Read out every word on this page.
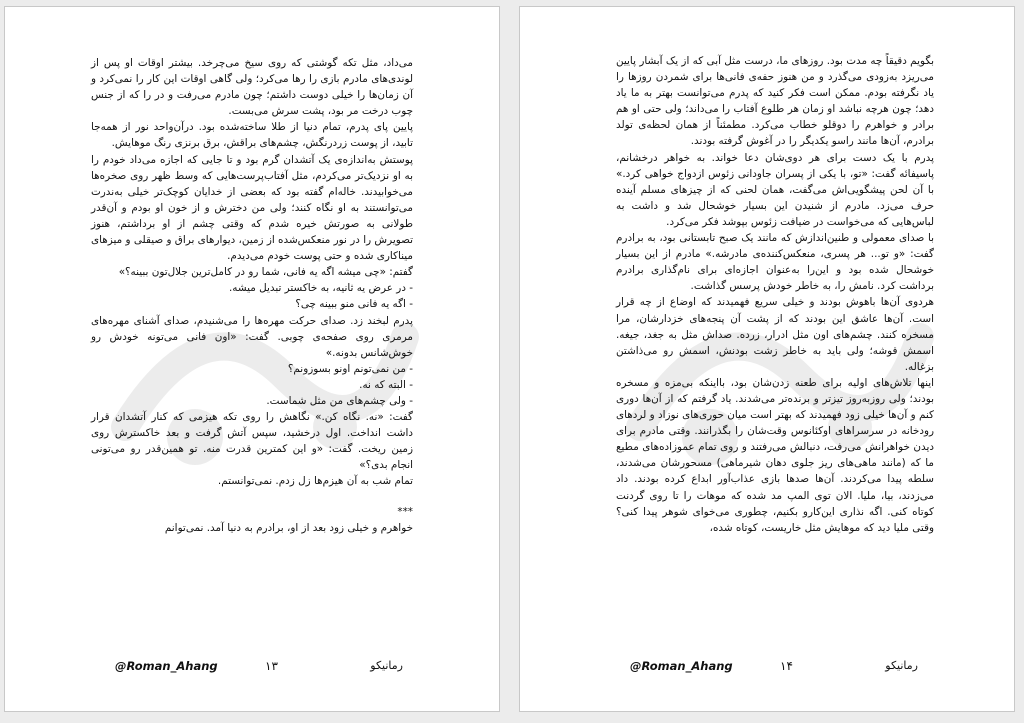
می‌داد، مثل تکه گوشتی که روی سیخ می‌چرخد. بیشتر اوقات او پس از لوندی‌های مادرم بازی را رها می‌کرد؛ ولی گاهی اوقات این کار را نمی‌کرد و آن زمان‌ها را خیلی دوست داشتم؛ چون مادرم می‌رفت و در را که از جنس چوب درخت مر بود، پشت سرش می‌بست.

پایین پای پدرم، تمام دنیا از طلا ساخته‌شده بود. درآن‌واحد نور از همه‌جا تابید، از پوست زردرنگش، چشم‌های براقش، برق برنزی رنگ موهایش.

پوستش به‌اندازه‌ی یک آتشدان گرم بود و تا جایی که اجازه می‌داد خودم را به او نزدیک‌تر می‌کردم، مثل آفتاب‌پرست‌هایی که وسط ظهر روی صخره‌ها می‌خوابیدند. خاله‌ام گفته بود که بعضی از خدایان کوچک‌تر خیلی به‌ندرت می‌توانستند به او نگاه کنند؛ ولی من دخترش و از خون او بودم و آن‌قدر طولانی به صورتش خیره شدم که وقتی چشم از او برداشتم، هنوز تصویرش را در نور منعکس‌شده از زمین، دیوارهای براق و صیقلی و میزهای میناکاری شده و حتی پوست خودم می‌دیدم.

گفتم: «چی میشه اگه یه فانی، شما رو در کامل‌ترین جلال‌تون ببینه؟»

- در عرض یه ثانیه، به خاکستر تبدیل میشه.

- اگه یه فانی منو ببینه چی؟

پدرم لبخند زد. صدای حرکت مهره‌ها را می‌شنیدم، صدای آشنای مهره‌های مرمری روی صفحه‌ی چوبی. گفت: «اون فانی می‌تونه خودش رو خوش‌شانس بدونه.»

- من نمی‌تونم اونو بسوزونم؟

- البته که نه.

- ولی چشم‌های من مثل شماست.

گفت: «نه. نگاه کن.» نگاهش را روی تکه هیزمی که کنار آتشدان قرار داشت انداخت. اول درخشید، سپس آتش گرفت و بعد خاکسترش روی زمین ریخت. گفت: «و این کمترین قدرت منه. تو همین‌قدر رو می‌تونی انجام بدی؟»

تمام شب به آن هیزم‌ها زل زدم. نمی‌توانستم.

***

خواهرم و خیلی زود بعد از او، برادرم به دنیا آمد. نمی‌توانم

@Roman_Ahang	۱۳	رمانیکو

بگویم دقیقاً چه مدت بود. روزهای ما، درست مثل آبی که از یک آبشار پایین می‌ریزد به‌زودی می‌گذرد و من هنوز حفه‌ی فانی‌ها برای شمردن روزها را یاد نگرفته بودم. ممکن است فکر کنید که پدرم می‌توانست بهتر به ما یاد دهد؛ چون هرچه نباشد او زمان هر طلوع آفتاب را می‌داند؛ ولی حتی او هم برادر و خواهرم را دوقلو خطاب می‌کرد. مطمئناً از همان لحظه‌ی تولد برادرم، آن‌ها مانند راسو یکدیگر را در آغوش گرفته بودند.

پدرم با یک دست برای هر دوی‌شان دعا خواند. به خواهر درخشانم، پاسیفائه گفت: «تو، با یکی از پسران جاودانی زئوس ازدواج خواهی کرد.» با آن لحن پیشگویی‌اش می‌گفت، همان لحنی که از چیزهای مسلم آینده حرف می‌زد. مادرم از شنیدن این بسیار خوشحال شد و داشت به لباس‌هایی که می‌خواست در ضیافت زئوس بپوشد فکر می‌کرد.

با صدای معمولی و طنین‌اندازش که مانند یک صبح تابستانی بود، به برادرم گفت: «و تو... هر پسری، منعکس‌کننده‌ی مادرشه.» مادرم از این بسیار خوشحال شده بود و این‌را به‌عنوان اجازه‌ای برای نام‌گذاری برادرم برداشت کرد. نامش را، به خاطر خودش پرسس گذاشت.

هردوی آن‌ها باهوش بودند و خیلی سریع فهمیدند که اوضاع از چه قرار است. آن‌ها عاشق این بودند که از پشت آن پنجه‌های خزدارشان، مرا مسخره کنند. چشم‌های اون مثل ادرار، زرده. صداش مثل به جغد، جیغه. اسمش قوشه؛ ولی باید به خاطر زشت بودنش، اسمش رو می‌ذاشتن بزغاله.

اینها تلاش‌های اولیه برای طعنه زدن‌شان بود، بااینکه بی‌مزه و مسخره بودند؛ ولی روزبه‌روز تیزتر و برنده‌تر می‌شدند. یاد گرفتم که از آن‌ها دوری کنم و آن‌ها خیلی زود فهمیدند که بهتر است میان حوری‌های نوزاد و لردهای رودخانه در سرسراهای اوکئانوس وقت‌شان را بگذرانند. وقتی مادرم برای دیدن خواهرانش می‌رفت، دنبالش می‌رفتند و روی تمام عموزاده‌های مطیع ما که (مانند ماهی‌های ریز جلوی دهان شیرماهی) مسحورشان می‌شدند، سلطه پیدا می‌کردند. آن‌ها صدها بازی عذاب‌آور ابداع کرده بودند. داد می‌زدند، بیا، ملیا. الان توی المپ مد شده که موهات را تا روی گردنت کوتاه کنی. اگه نذاری این‌کارو بکنیم، چطوری می‌خوای شوهر پیدا کنی؟ وقتی ملیا دید که موهایش مثل خاریست، کوتاه شده،

@Roman_Ahang	۱۴	رمانیکو
